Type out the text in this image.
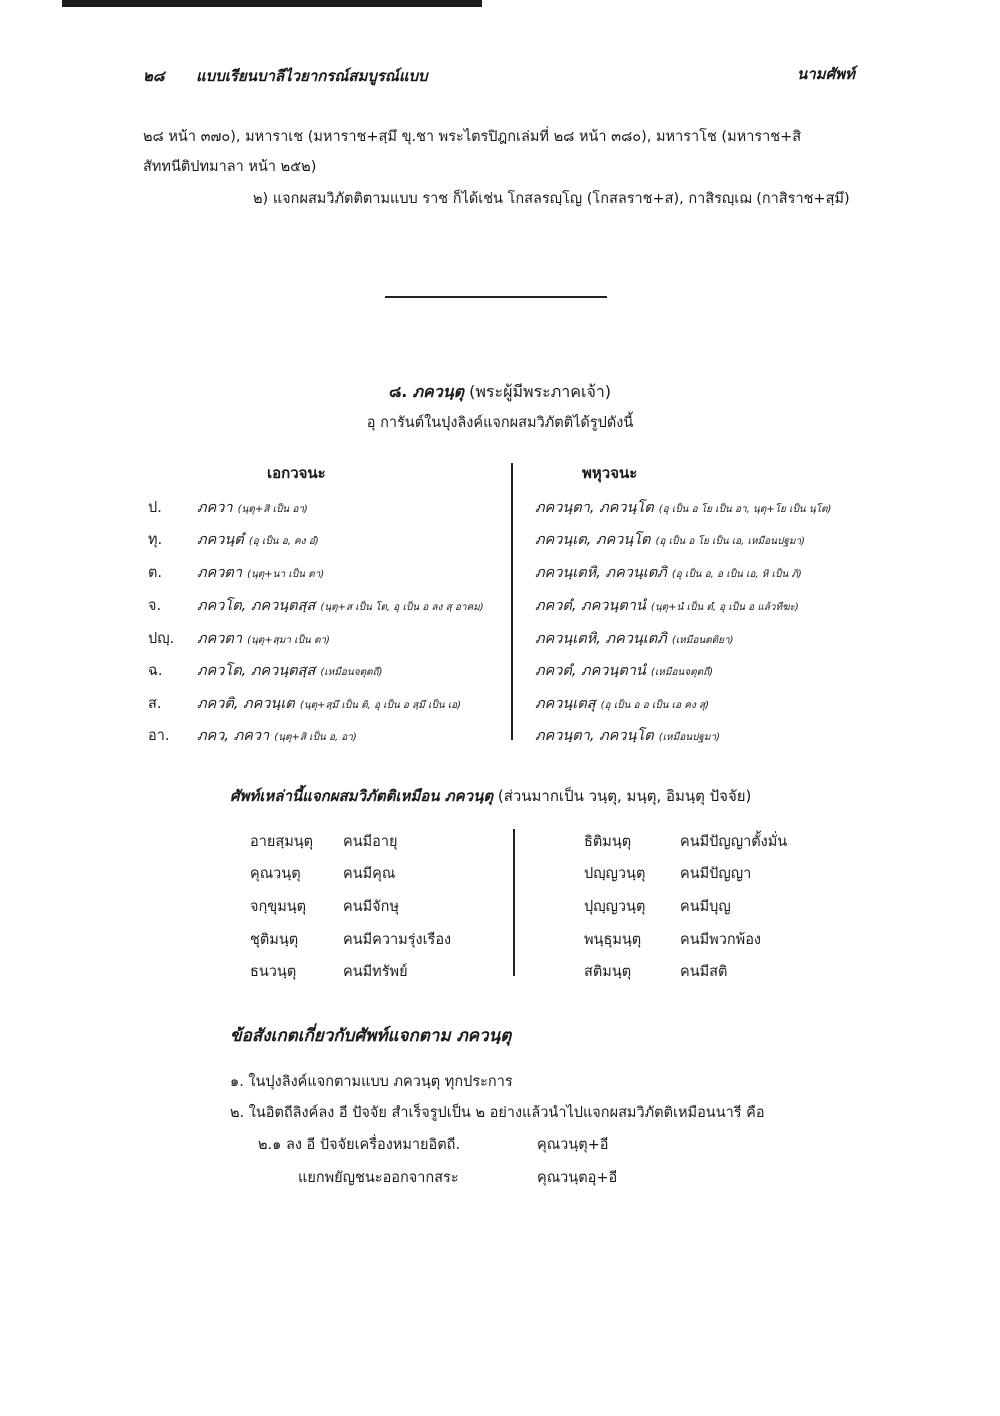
๒๘ แบบเรียนบาลีไวยากรณ์สมบูรณ์แบบ	นามศัพท์
๒๘ หน้า ๓๗๐), มหาราเช (มหาราช+สฺมึ ขุ.ชา พระไตรปิฎกเล่มที่ ๒๘ หน้า ๓๘๐), มหาราโช (มหาราช+สิ
สัททนีติปทมาลา หน้า ๒๕๒)
๒) แจกผสมวิภัตติตามแบบ ราช ก็ได้เช่น โกสลรญฺโญ (โกสลราช+ส), กาสิรญฺเฌ (กาสิราช+สฺมึ)
๘. ภควนฺตุ (พระผู้มีพระภาคเจ้า)
อุ การันต์ในปุงลิงค์แจกผสมวิภัตติได้รูปดังนี้
เอกวจนะ	พหุวจนะ
ป. ภควา (นฺตุ+สิ เป็น อา)	ภควนฺตา, ภควนฺโต (อุ เป็น อ โย เป็น อา, นฺตุ+โย เป็น นฺโต)
ทุ. ภควนฺตํ (อุ เป็น อ, คง อํ)	ภควนฺเต, ภควนฺโต (อุ เป็น อ โย เป็น เอ, เหมือนปฐมา)
ต. ภควตา (นฺตุ+นา เป็น ตา)	ภควนฺเตหิ, ภควนฺเตภิ (อุ เป็น อ, อ เป็น เอ, หิ เป็น ภิ)
จ. ภควโต, ภควนฺตสฺส (นฺตุ+ส เป็น โต, อุ เป็น อ ลง สฺ อาคม)	ภควตํ, ภควนฺตานํ (นฺตุ+นํ เป็น ตํ, อุ เป็น อ แล้วทีฆะ)
ปญฺ. ภควตา (นฺตุ+สฺมา เป็น ตา)	ภควนฺเตหิ, ภควนฺเตภิ (เหมือนตติยา)
ฉ. ภควโต, ภควนฺตสฺส (เหมือนจตุตถี)	ภควตํ, ภควนฺตานํ (เหมือนจตุตถี)
ส. ภควติ, ภควนฺเต (นฺตุ+สฺมึ เป็น ติ, อุ เป็น อ สฺมึ เป็น เอ)	ภควนฺเตสุ (อุ เป็น อ อ เป็น เอ คง สุ)
อา. ภคว, ภควา (นฺตุ+สิ เป็น อ, อา)	ภควนฺตา, ภควนฺโต (เหมือนปฐมา)
ศัพท์เหล่านี้แจกผสมวิภัตติเหมือน ภควนฺตุ (ส่วนมากเป็น วนฺตุ, มนฺตุ, อิมนฺตุ ปัจจัย)
อายสฺมนฺตุ คนมีอายุ	ธิติมนฺตุ	คนมีปัญญาตั้งมั่น
คุณวนฺตุ	คนมีคุณ	ปญฺญวนฺตุ คนมีปัญญา
จกฺขุมนฺตุ	คนมีจักษุ	ปุญฺญวนฺตุ คนมีบุญ
ชุติมนฺตุ	คนมีความรุ่งเรือง	พนฺธุมนฺตุ	คนมีพวกพ้อง
ธนวนฺตุ	คนมีทรัพย์	สติมนฺตุ	คนมีสติ
ข้อสังเกตเกี่ยวกับศัพท์แจกตาม ภควนฺตุ
๑. ในปุงลิงค์แจกตามแบบ ภควนฺตุ ทุกประการ
๒. ในอิตถีลิงค์ลง อี ปัจจัย สำเร็จรูปเป็น ๒ อย่างแล้วนำไปแจกผสมวิภัตติเหมือนนารี คือ
๒.๑ ลง อี ปัจจัยเครื่องหมายอิตถี.	คุณวนฺตุ+อี
แยกพยัญชนะออกจากสระ	คุณวนฺตอุ+อี
